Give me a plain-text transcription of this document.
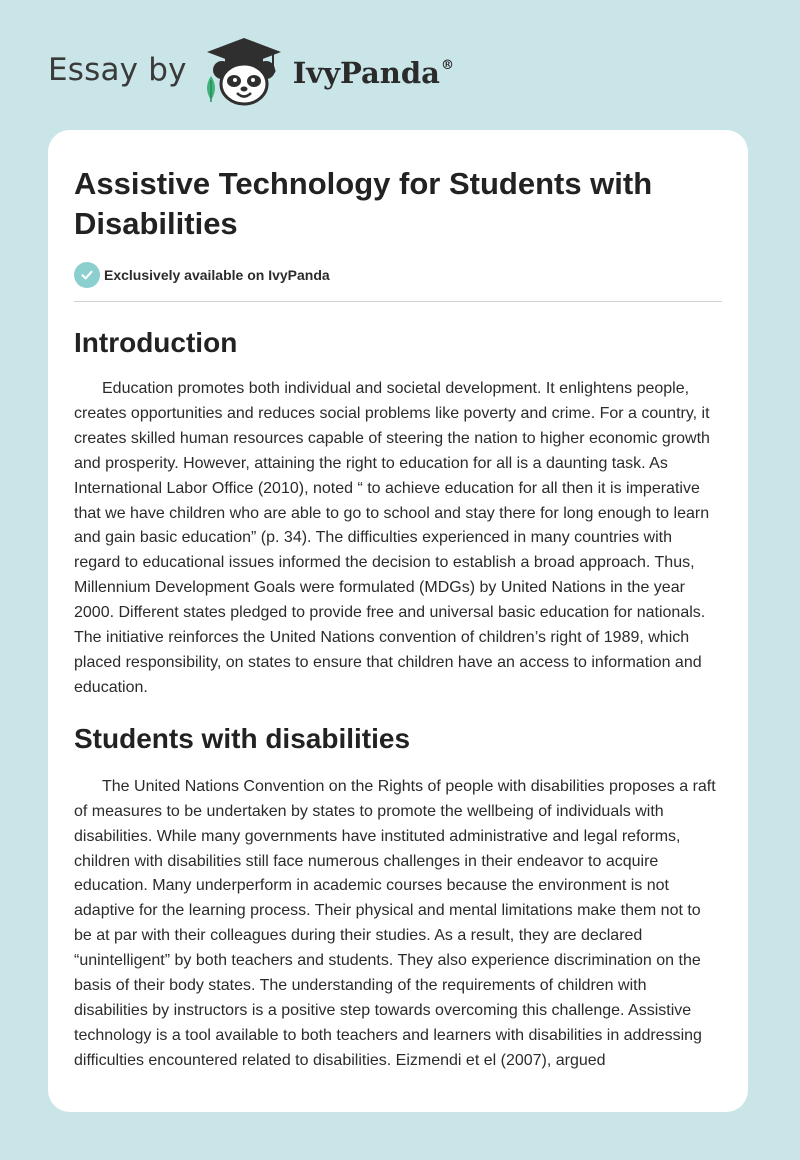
Essay by	IvyPanda®
Assistive Technology for Students with Disabilities
Exclusively available on IvyPanda
Introduction

Education promotes both individual and societal development. It enlightens people, creates opportunities and reduces social problems like poverty and crime. For a country, it creates skilled human resources capable of steering the nation to higher economic growth and prosperity. However, attaining the right to education for all is a daunting task. As International Labor Office (2010), noted “ to achieve education for all then it is imperative that we have children who are able to go to school and stay there for long enough to learn and gain basic education” (p. 34). The difficulties experienced in many countries with regard to educational issues informed the decision to establish a broad approach. Thus, Millennium Development Goals were formulated (MDGs) by United Nations in the year 2000. Different states pledged to provide free and universal basic education for nationals. The initiative reinforces the United Nations convention of children’s right of 1989, which placed responsibility, on states to ensure that children have an access to information and education.

Students with disabilities

The United Nations Convention on the Rights of people with disabilities proposes a raft of measures to be undertaken by states to promote the wellbeing of individuals with disabilities. While many governments have instituted administrative and legal reforms, children with disabilities still face numerous challenges in their endeavor to acquire education. Many underperform in academic courses because the environment is not adaptive for the learning process. Their physical and mental limitations make them not to be at par with their colleagues during their studies. As a result, they are declared “unintelligent” by both teachers and students. They also experience discrimination on the basis of their body states. The understanding of the requirements of children with disabilities by instructors is a positive step towards overcoming this challenge. Assistive technology is a tool available to both teachers and learners with disabilities in addressing difficulties encountered related to disabilities. Eizmendi et el (2007), argued
